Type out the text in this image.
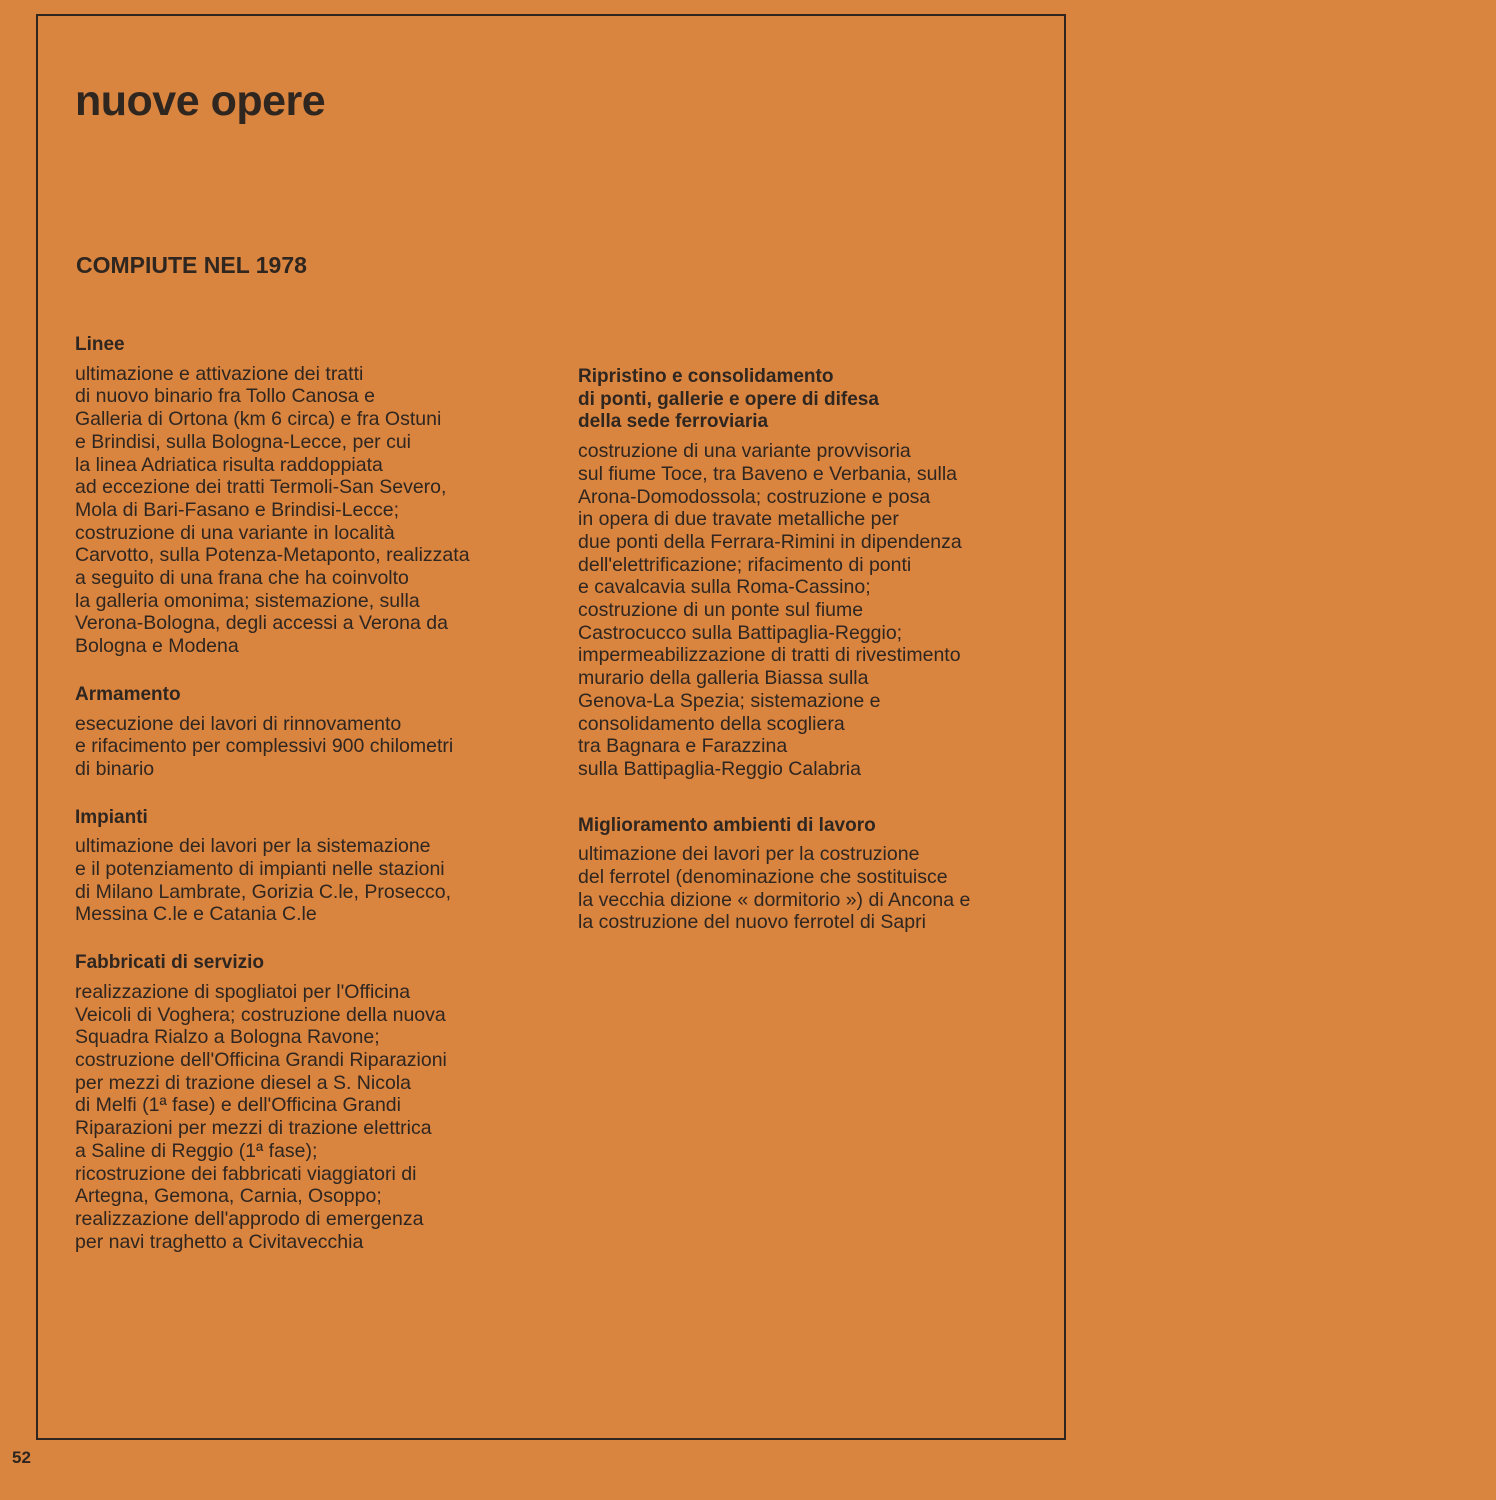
nuove opere
COMPIUTE NEL 1978
Linee

ultimazione e attivazione dei tratti
di nuovo binario fra Tollo Canosa e
Galleria di Ortona (km 6 circa) e fra Ostuni
e Brindisi, sulla Bologna-Lecce, per cui
la linea Adriatica risulta raddoppiata
ad eccezione dei tratti Termoli-San Severo,
Mola di Bari-Fasano e Brindisi-Lecce;
costruzione di una variante in località
Carvotto, sulla Potenza-Metaponto, realizzata
a seguito di una frana che ha coinvolto
la galleria omonima; sistemazione, sulla
Verona-Bologna, degli accessi a Verona da
Bologna e Modena

Armamento

esecuzione dei lavori di rinnovamento
e rifacimento per complessivi 900 chilometri
di binario

Impianti

ultimazione dei lavori per la sistemazione
e il potenziamento di impianti nelle stazioni
di Milano Lambrate, Gorizia C.le, Prosecco,
Messina C.le e Catania C.le

Fabbricati di servizio

realizzazione di spogliatoi per l'Officina
Veicoli di Voghera; costruzione della nuova
Squadra Rialzo a Bologna Ravone;
costruzione dell'Officina Grandi Riparazioni
per mezzi di trazione diesel a S. Nicola
di Melfi (1ª fase) e dell'Officina Grandi
Riparazioni per mezzi di trazione elettrica
a Saline di Reggio (1ª fase);
ricostruzione dei fabbricati viaggiatori di
Artegna, Gemona, Carnia, Osoppo;
realizzazione dell'approdo di emergenza
per navi traghetto a Civitavecchia

Ripristino e consolidamento
di ponti, gallerie e opere di difesa
della sede ferroviaria

costruzione di una variante provvisoria
sul fiume Toce, tra Baveno e Verbania, sulla
Arona-Domodossola; costruzione e posa
in opera di due travate metalliche per
due ponti della Ferrara-Rimini in dipendenza
dell'elettrificazione; rifacimento di ponti
e cavalcavia sulla Roma-Cassino;
costruzione di un ponte sul fiume
Castrocucco sulla Battipaglia-Reggio;
impermeabilizzazione di tratti di rivestimento
murario della galleria Biassa sulla
Genova-La Spezia; sistemazione e
consolidamento della scogliera
tra Bagnara e Farazzina
sulla Battipaglia-Reggio Calabria

Miglioramento ambienti di lavoro

ultimazione dei lavori per la costruzione
del ferrotel (denominazione che sostituisce
la vecchia dizione « dormitorio ») di Ancona e
la costruzione del nuovo ferrotel di Sapri

52
